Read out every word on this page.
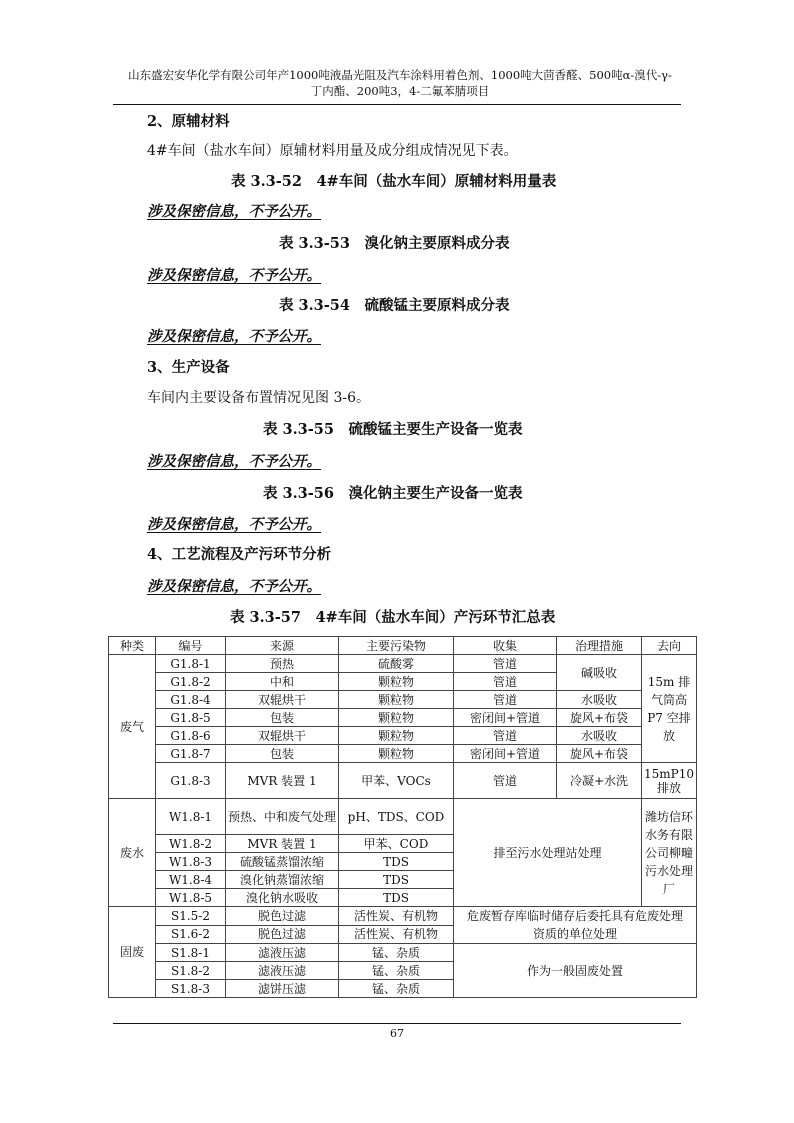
山东盛宏安华化学有限公司年产1000吨液晶光阻及汽车涂料用着色剂、1000吨大茴香醛、500吨α-溴代-γ-
丁内酯、200吨3，4-二氟苯腈项目
2、原辅材料
4#车间（盐水车间）原辅材料用量及成分组成情况见下表。
表 3.3-52　4#车间（盐水车间）原辅材料用量表
涉及保密信息，不予公开。
表 3.3-53　溴化钠主要原料成分表
涉及保密信息，不予公开。
表 3.3-54　硫酸锰主要原料成分表
涉及保密信息，不予公开。
3、生产设备
车间内主要设备布置情况见图 3-6。
表 3.3-55　硫酸锰主要生产设备一览表
涉及保密信息，不予公开。
表 3.3-56　溴化钠主要生产设备一览表
涉及保密信息，不予公开。
4、工艺流程及产污环节分析
涉及保密信息，不予公开。
表 3.3-57　4#车间（盐水车间）产污环节汇总表
种类	编号	来源	主要污染物	收集	治理措施	去向
废气	G1.8-1	预热	硫酸雾	管道	碱吸收	15m 排气筒高P7 空排放
	G1.8-2	中和	颗粒物	管道		
	G1.8-4	双辊烘干	颗粒物	管道	水吸收	
	G1.8-5	包装	颗粒物	密闭间+管道	旋风+布袋	
	G1.8-6	双辊烘干	颗粒物	管道	水吸收	
	G1.8-7	包装	颗粒物	密闭间+管道	旋风+布袋	
	G1.8-3	MVR 装置 1	甲苯、VOCs	管道	冷凝+水洗	15mP10排放
废水	W1.8-1	预热、中和废气处理	pH、TDS、COD	排至污水处理站处理		潍坊信环水务有限公司柳疃污水处理厂
	W1.8-2	MVR 装置 1	甲苯、COD			
	W1.8-3	硫酸锰蒸馏浓缩	TDS			
	W1.8-4	溴化钠蒸馏浓缩	TDS			
	W1.8-5	溴化钠水吸收	TDS			
固废	S1.5-2	脱色过滤	活性炭、有机物	危废暂存库临时储存后委托具有危废处理资质的单位处理		
	S1.6-2	脱色过滤	活性炭、有机物			
	S1.8-1	滤液压滤	锰、杂质	作为一般固废处置		
	S1.8-2	滤液压滤	锰、杂质			
	S1.8-3	滤饼压滤	锰、杂质			
67
